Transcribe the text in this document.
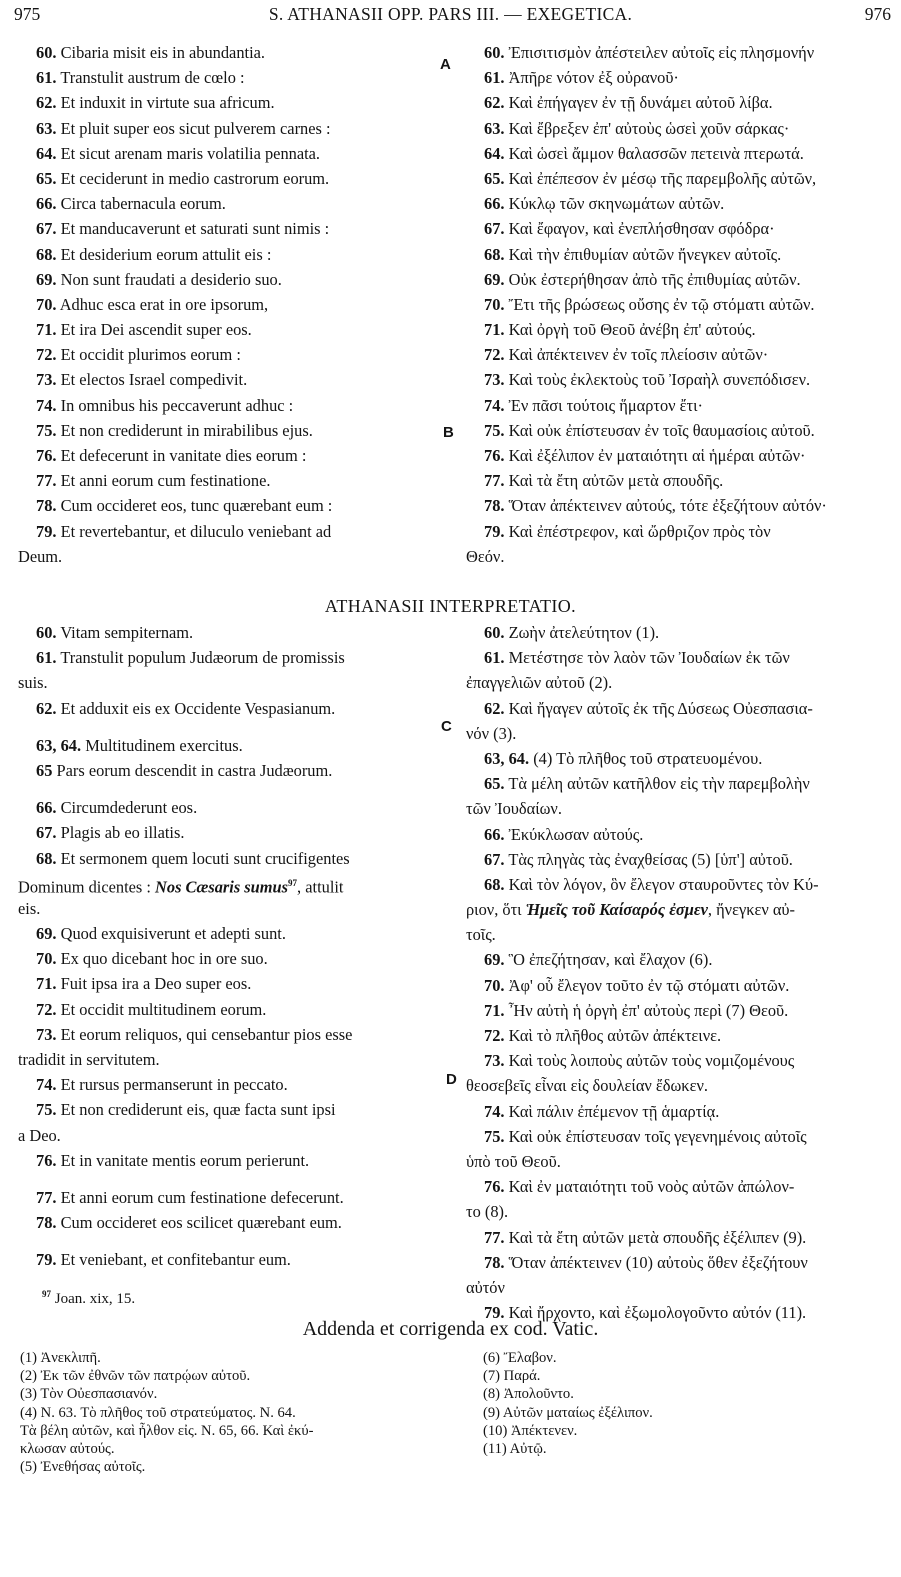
975	S. ATHANASII OPP. PARS III. — EXEGETICA.	976
A
B
C
D
60. Cibaria misit eis in abundantia.
61. Transtulit austrum de cœlo :
62. Et induxit in virtute sua africum.
63. Et pluit super eos sicut pulverem carnes :
64. Et sicut arenam maris volatilia pennata.
65. Et ceciderunt in medio castrorum eorum.
66. Circa tabernacula eorum.
67. Et manducaverunt et saturati sunt nimis :
68. Et desiderium eorum attulit eis :
69. Non sunt fraudati a desiderio suo.
70. Adhuc esca erat in ore ipsorum,
71. Et ira Dei ascendit super eos.
72. Et occidit plurimos eorum :
73. Et electos Israel compedivit.
74. In omnibus his peccaverunt adhuc :
75. Et non crediderunt in mirabilibus ejus.
76. Et defecerunt in vanitate dies eorum :
77. Et anni eorum cum festinatione.
78. Cum occideret eos, tunc quærebant eum :
79. Et revertebantur, et diluculo veniebant ad
Deum.
60. Ἐπισιτισμὸν ἀπέστειλεν αὐτοῖς εἰς πλησμονήν
61. Ἀπῆρε νότον ἐξ οὐρανοῦ·
62. Καὶ ἐπήγαγεν ἐν τῇ δυνάμει αὐτοῦ λίβα.
63. Καὶ ἔβρεξεν ἐπ' αὐτοὺς ὡσεὶ χοῦν σάρκας·
64. Καὶ ὡσεὶ ἄμμον θαλασσῶν πετεινὰ πτερωτά.
65. Καὶ ἐπέπεσον ἐν μέσῳ τῆς παρεμβολῆς αὐτῶν,
66. Κύκλῳ τῶν σκηνωμάτων αὐτῶν.
67. Καὶ ἔφαγον, καὶ ἐνεπλήσθησαν σφόδρα·
68. Καὶ τὴν ἐπιθυμίαν αὐτῶν ἤνεγκεν αὐτοῖς.
69. Οὐκ ἐστερήθησαν ἀπὸ τῆς ἐπιθυμίας αὐτῶν.
70. Ἔτι τῆς βρώσεως οὔσης ἐν τῷ στόματι αὐτῶν.
71. Καὶ ὀργὴ τοῦ Θεοῦ ἀνέβη ἐπ' αὐτούς.
72. Καὶ ἀπέκτεινεν ἐν τοῖς πλείοσιν αὐτῶν·
73. Καὶ τοὺς ἐκλεκτοὺς τοῦ Ἰσραὴλ συνεπόδισεν.
74. Ἐν πᾶσι τούτοις ἥμαρτον ἔτι·
75. Καὶ οὐκ ἐπίστευσαν ἐν τοῖς θαυμασίοις αὐτοῦ.
76. Καὶ ἐξέλιπον ἐν ματαιότητι αἱ ἡμέραι αὐτῶν·
77. Καὶ τὰ ἔτη αὐτῶν μετὰ σπουδῆς.
78. Ὅταν ἀπέκτεινεν αὐτούς, τότε ἐξεζήτουν αὐτόν·
79. Καὶ ἐπέστρεφον, καὶ ὤρθριζον πρὸς τὸν
Θεόν.
ATHANASII INTERPRETATIO.
60. Vitam sempiternam.
61. Transtulit populum Judæorum de promissis
suis.
62. Et adduxit eis ex Occidente Vespasianum.
63, 64. Multitudinem exercitus.
65 Pars eorum descendit in castra Judæorum.
66. Circumdederunt eos.
67. Plagis ab eo illatis.
68. Et sermonem quem locuti sunt crucifigentes
Dominum dicentes : Nos Cæsaris sumus$^{97}$, attulit
eis.
69. Quod exquisiverunt et adepti sunt.
70. Ex quo dicebant hoc in ore suo.
71. Fuit ipsa ira a Deo super eos.
72. Et occidit multitudinem eorum.
73. Et eorum reliquos, qui censebantur pios esse
tradidit in servitutem.
74. Et rursus permanserunt in peccato.
75. Et non crediderunt eis, quæ facta sunt ipsi
a Deo.
76. Et in vanitate mentis eorum perierunt.
77. Et anni eorum cum festinatione defecerunt.
78. Cum occideret eos scilicet quærebant eum.
79. Et veniebant, et confitebantur eum.
60. Ζωὴν ἀτελεύτητον (1).
61. Μετέστησε τὸν λαὸν τῶν Ἰουδαίων ἐκ τῶν
ἐπαγγελιῶν αὐτοῦ (2).
62. Καὶ ἤγαγεν αὐτοῖς ἐκ τῆς Δύσεως Οὐεσπασια-
νόν (3).
63, 64. (4) Τὸ πλῆθος τοῦ στρατευομένου.
65. Τὰ μέλη αὐτῶν κατῆλθον εἰς τὴν παρεμβολὴν
τῶν Ἰουδαίων.
66. Ἐκύκλωσαν αὐτούς.
67. Τὰς πληγὰς τὰς ἐναχθείσας (5) [ὑπ'] αὐτοῦ.
68. Καὶ τὸν λόγον, ὃν ἔλεγον σταυροῦντες τὸν Κύ-
ριον, ὅτι Ἡμεῖς τοῦ Καίσαρός ἐσμεν, ἤνεγκεν αὐ-
τοῖς.
69. Ὃ ἐπεζήτησαν, καὶ ἔλαχον (6).
70. Ἀφ' οὗ ἔλεγον τοῦτο ἐν τῷ στόματι αὐτῶν.
71. Ἦν αὐτὴ ἡ ὀργὴ ἐπ' αὐτοὺς περὶ (7) Θεοῦ.
72. Καὶ τὸ πλῆθος αὐτῶν ἀπέκτεινε.
73. Καὶ τοὺς λοιποὺς αὐτῶν τοὺς νομιζομένους
θεοσεβεῖς εἶναι εἰς δουλείαν ἔδωκεν.
74. Καὶ πάλιν ἐπέμενον τῇ ἁμαρτίᾳ.
75. Καὶ οὐκ ἐπίστευσαν τοῖς γεγενημένοις αὐτοῖς
ὑπὸ τοῦ Θεοῦ.
76. Καὶ ἐν ματαιότητι τοῦ νοὸς αὐτῶν ἀπώλον-
το (8).
77. Καὶ τὰ ἔτη αὐτῶν μετὰ σπουδῆς ἐξέλιπεν (9).
78. Ὅταν ἀπέκτεινεν (10) αὐτοὺς ὅθεν ἐξεζήτουν
αὐτόν
79. Καὶ ἤρχοντο, καὶ ἐξωμολογοῦντο αὐτόν (11).
$^{97}$ Joan. xix, 15.
Addenda et corrigenda ex cod. Vatic.
(1) Ἀνεκλιπῆ.
(2) Ἐκ τῶν ἐθνῶν τῶν πατρῴων αὐτοῦ.
(3) Τὸν Οὐεσπασιανόν.
(4) N. 63. Τὸ πλῆθος τοῦ στρατεύματος. N. 64.
Τὰ βέλη αὐτῶν, καὶ ἦλθον εἰς. N. 65, 66. Καὶ ἐκύ-
κλωσαν αὐτούς.
(5) Ἐνεθήσας αὐτοῖς.
(6) Ἔλαβον.
(7) Παρά.
(8) Ἀπολοῦντο.
(9) Αὐτῶν ματαίως ἐξέλιπον.
(10) Ἀπέκτενεν.
(11) Αὐτῷ.
